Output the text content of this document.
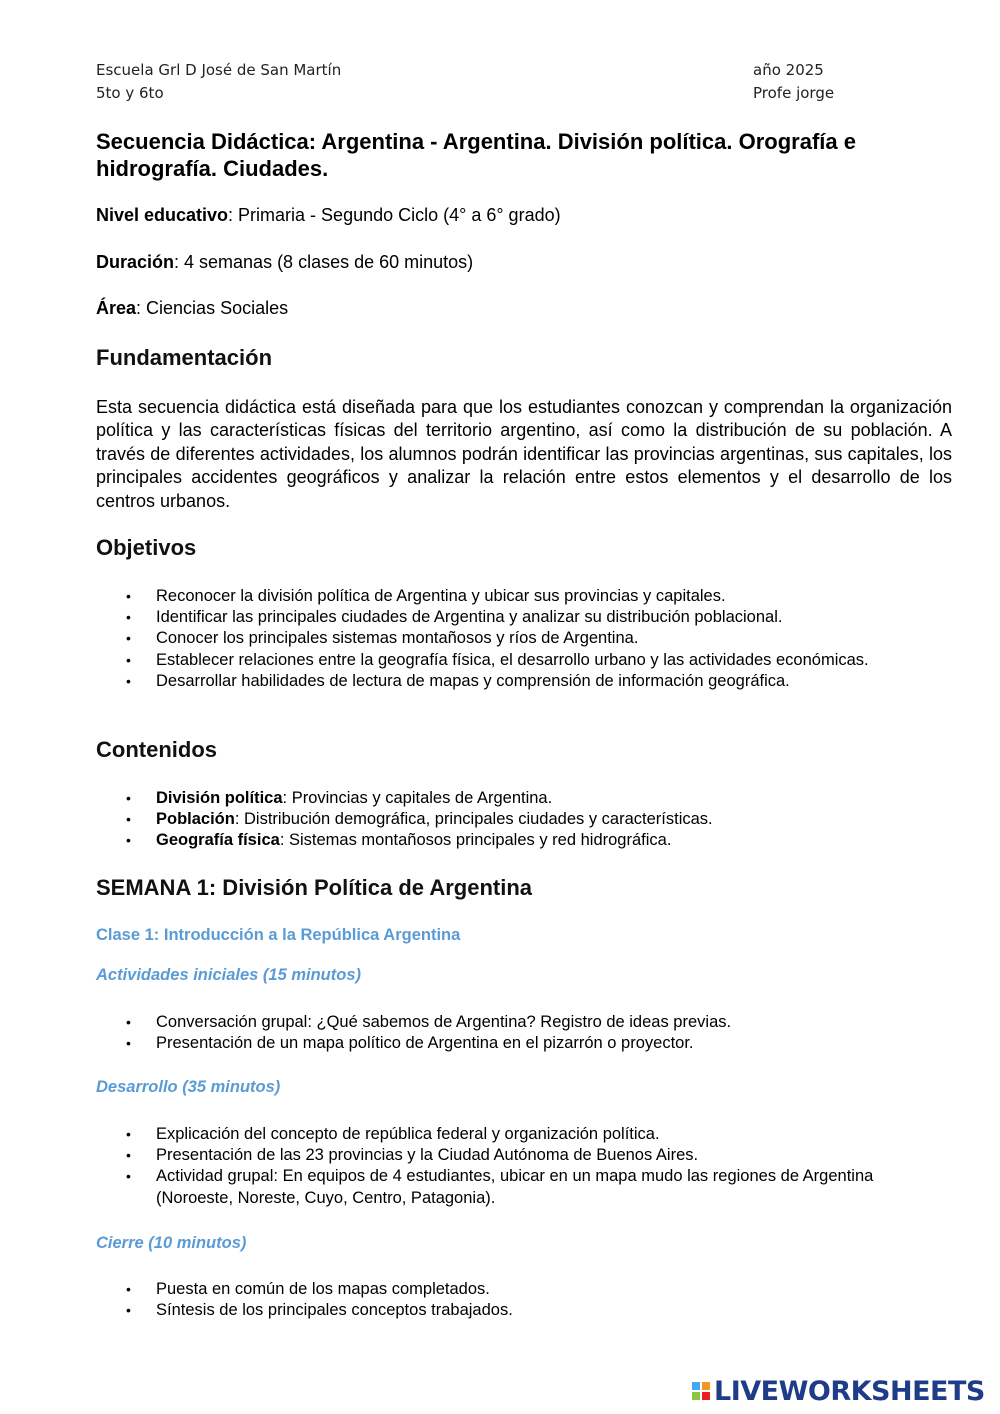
Escuela Grl D José de San Martín
5to y 6to
año 2025
Profe jorge
Secuencia Didáctica: Argentina - Argentina. División política. Orografía e hidrografía. Ciudades.
Nivel educativo: Primaria - Segundo Ciclo (4° a 6° grado)
Duración: 4 semanas (8 clases de 60 minutos)
Área: Ciencias Sociales
Fundamentación

Esta secuencia didáctica está diseñada para que los estudiantes conozcan y comprendan la organización política y las características físicas del territorio argentino, así como la distribución de su población. A través de diferentes actividades, los alumnos podrán identificar las provincias argentinas, sus capitales, los principales accidentes geográficos y analizar la relación entre estos elementos y el desarrollo de los centros urbanos.

Objetivos
• Reconocer la división política de Argentina y ubicar sus provincias y capitales.
• Identificar las principales ciudades de Argentina y analizar su distribución poblacional.
• Conocer los principales sistemas montañosos y ríos de Argentina.
• Establecer relaciones entre la geografía física, el desarrollo urbano y las actividades económicas.
• Desarrollar habilidades de lectura de mapas y comprensión de información geográfica.
Contenidos
• División política: Provincias y capitales de Argentina.
• Población: Distribución demográfica, principales ciudades y características.
• Geografía física: Sistemas montañosos principales y red hidrográfica.
SEMANA 1: División Política de Argentina
Clase 1: Introducción a la República Argentina
Actividades iniciales (15 minutos)
• Conversación grupal: ¿Qué sabemos de Argentina? Registro de ideas previas.
• Presentación de un mapa político de Argentina en el pizarrón o proyector.
Desarrollo (35 minutos)
• Explicación del concepto de república federal y organización política.
• Presentación de las 23 provincias y la Ciudad Autónoma de Buenos Aires.
• Actividad grupal: En equipos de 4 estudiantes, ubicar en un mapa mudo las regiones de Argentina (Noroeste, Noreste, Cuyo, Centro, Patagonia).
Cierre (10 minutos)
• Puesta en común de los mapas completados.
• Síntesis de los principales conceptos trabajados.
LIVEWORKSHEETS
